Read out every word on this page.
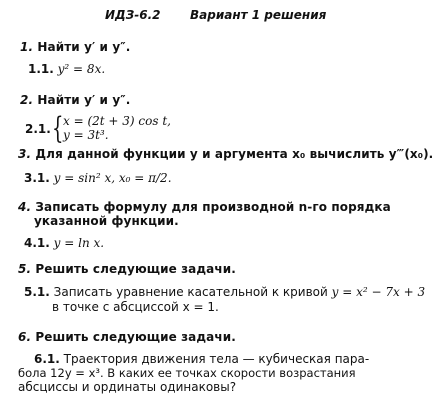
ИДЗ-6.2 Вариант 1 решения
1. Найти y′ и y″.
1.1. y² = 8x.
2. Найти y′ и y″.
2.1. { x = (2t + 3) cos t,
y = 3t³.
3. Для данной функции y и аргумента x₀ вычислить y‴(x₀).
3.1. y = sin² x, x₀ = π/2.
4. Записать формулу для производной n-го порядка
указанной функции.
4.1. y = ln x.
5. Решить следующие задачи.
5.1. Записать уравнение касательной к кривой y = x² − 7x + 3
в точке с абсциссой x = 1.
6. Решить следующие задачи.
6.1. Траектория движения тела — кубическая пара-
бола 12y = x³. В каких ее точках скорости возрастания
абсциссы и ординаты одинаковы?
